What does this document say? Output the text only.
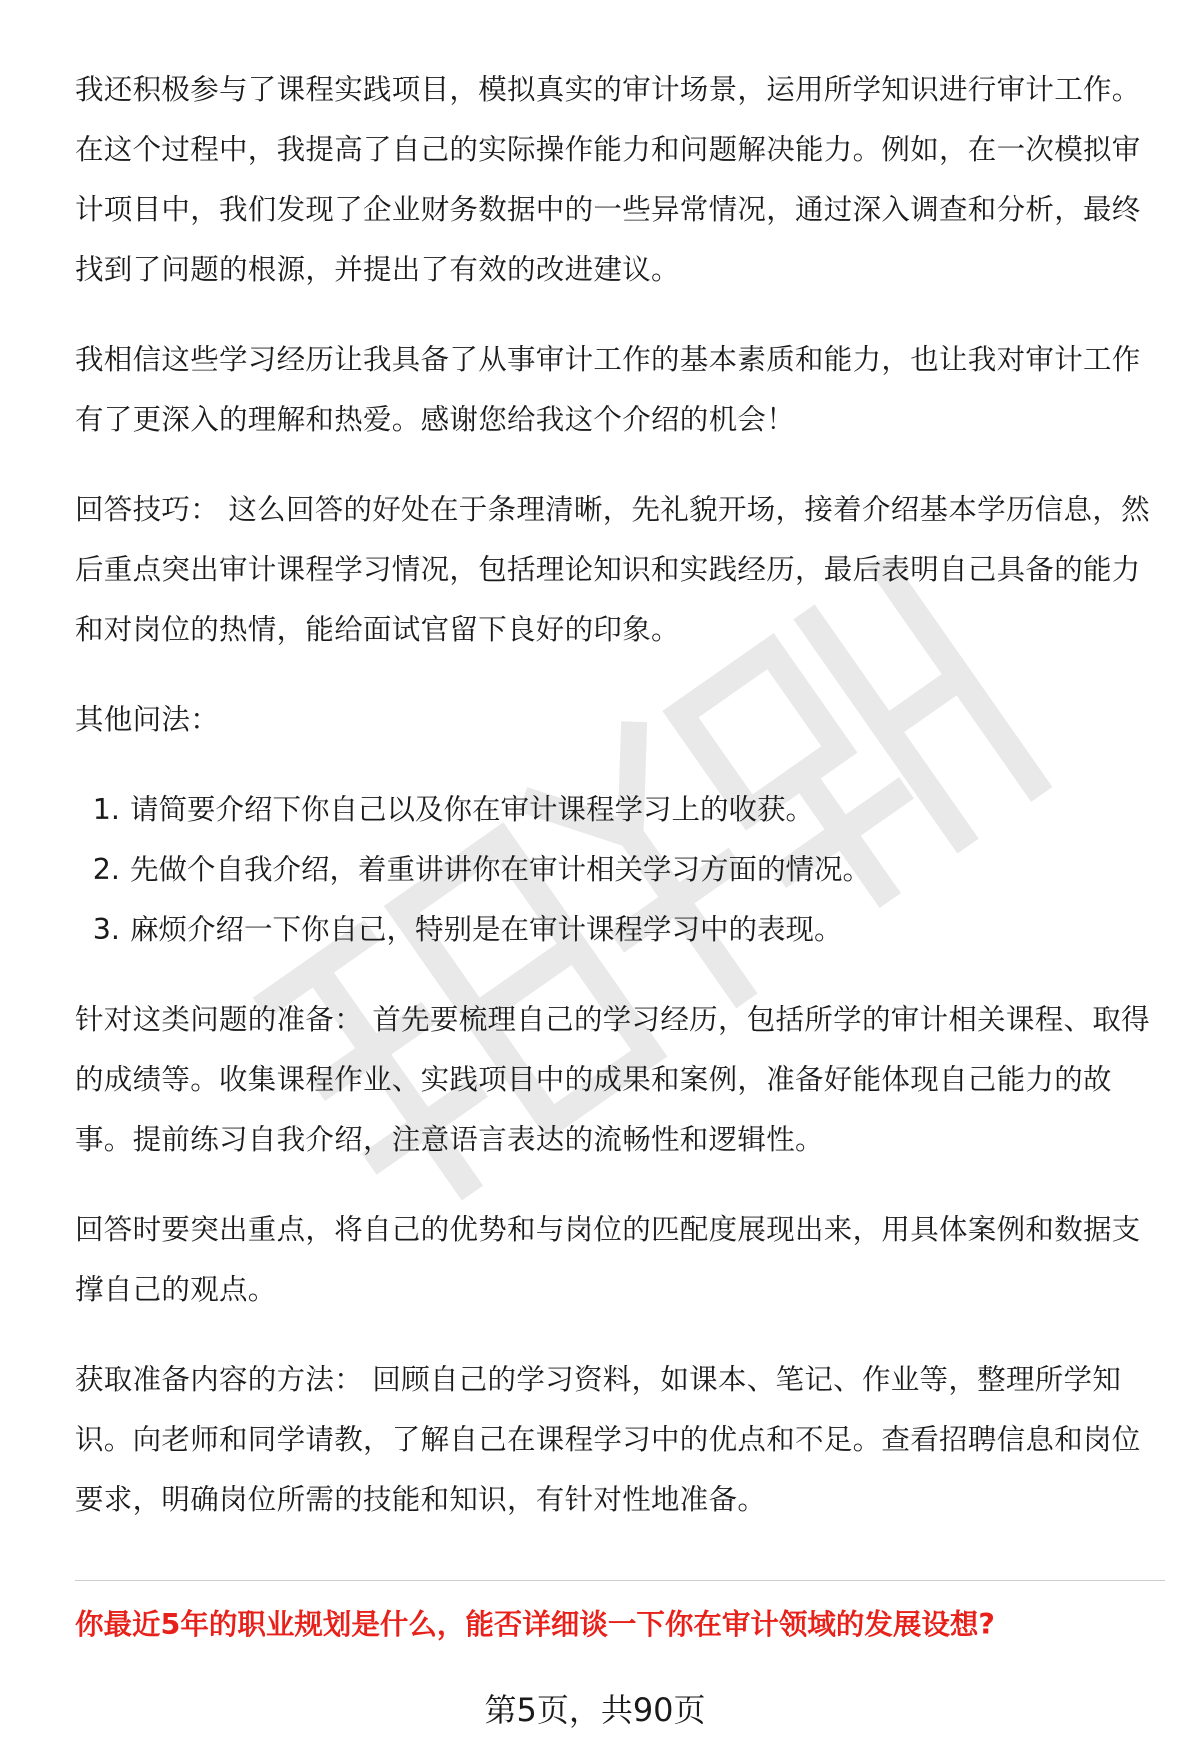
我还积极参与了课程实践项目，模拟真实的审计场景，运用所学知识进行审计工作。在这个过程中，我提高了自己的实际操作能力和问题解决能力。例如，在一次模拟审计项目中，我们发现了企业财务数据中的一些异常情况，通过深入调查和分析，最终找到了问题的根源，并提出了有效的改进建议。

我相信这些学习经历让我具备了从事审计工作的基本素质和能力，也让我对审计工作有了更深入的理解和热爱。感谢您给我这个介绍的机会！

回答技巧： 这么回答的好处在于条理清晰，先礼貌开场，接着介绍基本学历信息，然后重点突出审计课程学习情况，包括理论知识和实践经历，最后表明自己具备的能力和对岗位的热情，能给面试官留下良好的印象。

其他问法：

1. 请简要介绍下你自己以及你在审计课程学习上的收获。
2. 先做个自我介绍，着重讲讲你在审计相关学习方面的情况。
3. 麻烦介绍一下你自己，特别是在审计课程学习中的表现。

针对这类问题的准备： 首先要梳理自己的学习经历，包括所学的审计相关课程、取得的成绩等。收集课程作业、实践项目中的成果和案例，准备好能体现自己能力的故事。提前练习自我介绍，注意语言表达的流畅性和逻辑性。

回答时要突出重点，将自己的优势和与岗位的匹配度展现出来，用具体案例和数据支撑自己的观点。

获取准备内容的方法： 回顾自己的学习资料，如课本、笔记、作业等，整理所学知识。向老师和同学请教，了解自己在课程学习中的优点和不足。查看招聘信息和岗位要求，明确岗位所需的技能和知识，有针对性地准备。

你最近5年的职业规划是什么，能否详细谈一下你在审计领域的发展设想?

第5页，共90页
